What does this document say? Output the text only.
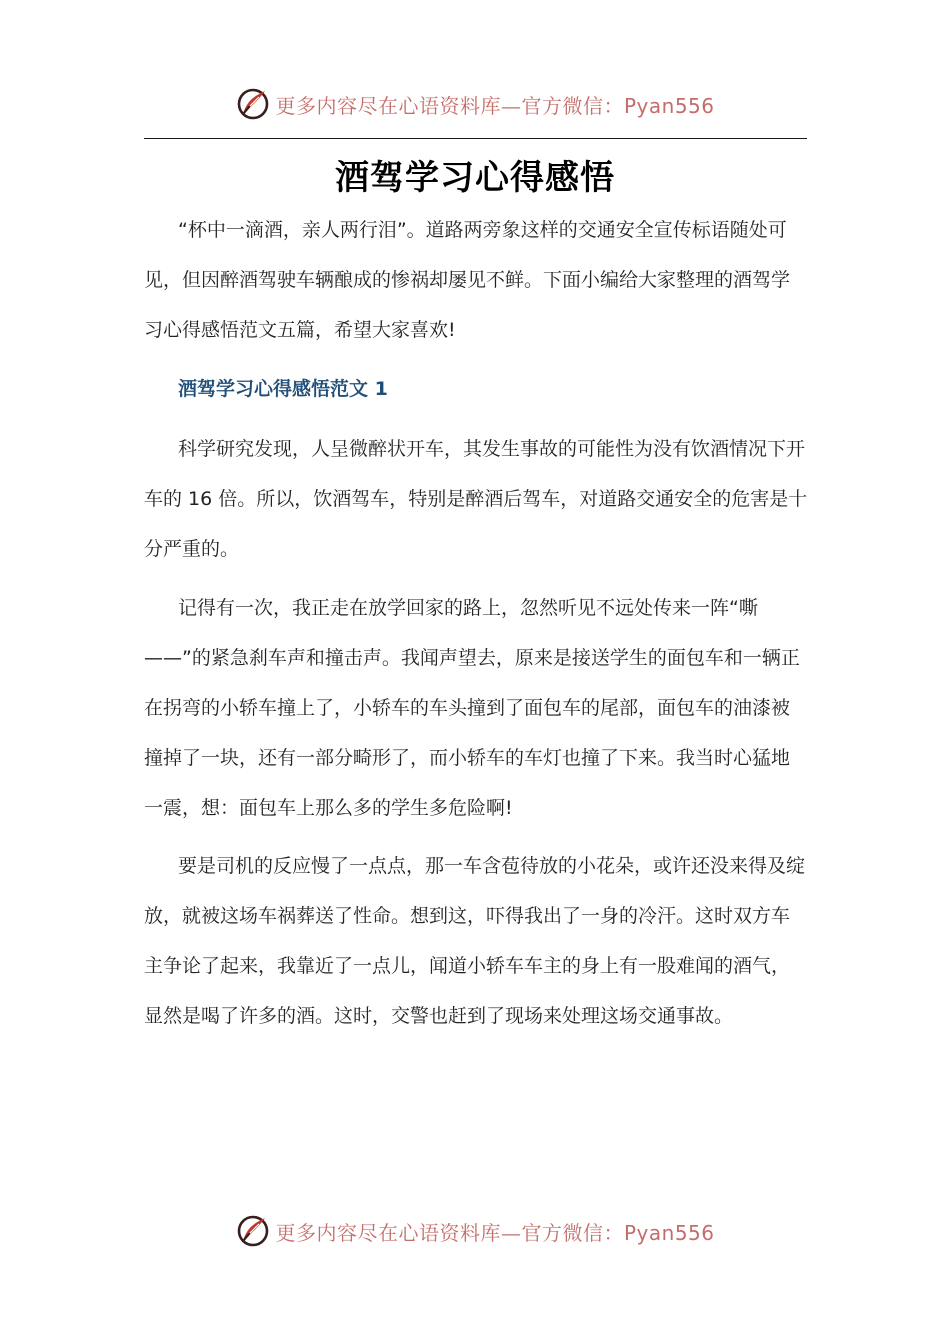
更多内容尽在心语资料库—官方微信：Pyan556
酒驾学习心得感悟

“杯中一滴酒，亲人两行泪”。道路两旁象这样的交通安全宣传标语随处可见，但因醉酒驾驶车辆酿成的惨祸却屡见不鲜。下面小编给大家整理的酒驾学习心得感悟范文五篇，希望大家喜欢!

酒驾学习心得感悟范文 1

科学研究发现，人呈微醉状开车，其发生事故的可能性为没有饮酒情况下开车的 16 倍。所以，饮酒驾车，特别是醉酒后驾车，对道路交通安全的危害是十分严重的。

记得有一次，我正走在放学回家的路上，忽然听见不远处传来一阵“嘶——”的紧急刹车声和撞击声。我闻声望去，原来是接送学生的面包车和一辆正在拐弯的小轿车撞上了，小轿车的车头撞到了面包车的尾部，面包车的油漆被撞掉了一块，还有一部分畸形了，而小轿车的车灯也撞了下来。我当时心猛地一震，想：面包车上那么多的学生多危险啊!

要是司机的反应慢了一点点，那一车含苞待放的小花朵，或许还没来得及绽放，就被这场车祸葬送了性命。想到这，吓得我出了一身的冷汗。这时双方车主争论了起来，我靠近了一点儿，闻道小轿车车主的身上有一股难闻的酒气，显然是喝了许多的酒。这时，交警也赶到了现场来处理这场交通事故。

更多内容尽在心语资料库—官方微信：Pyan556
